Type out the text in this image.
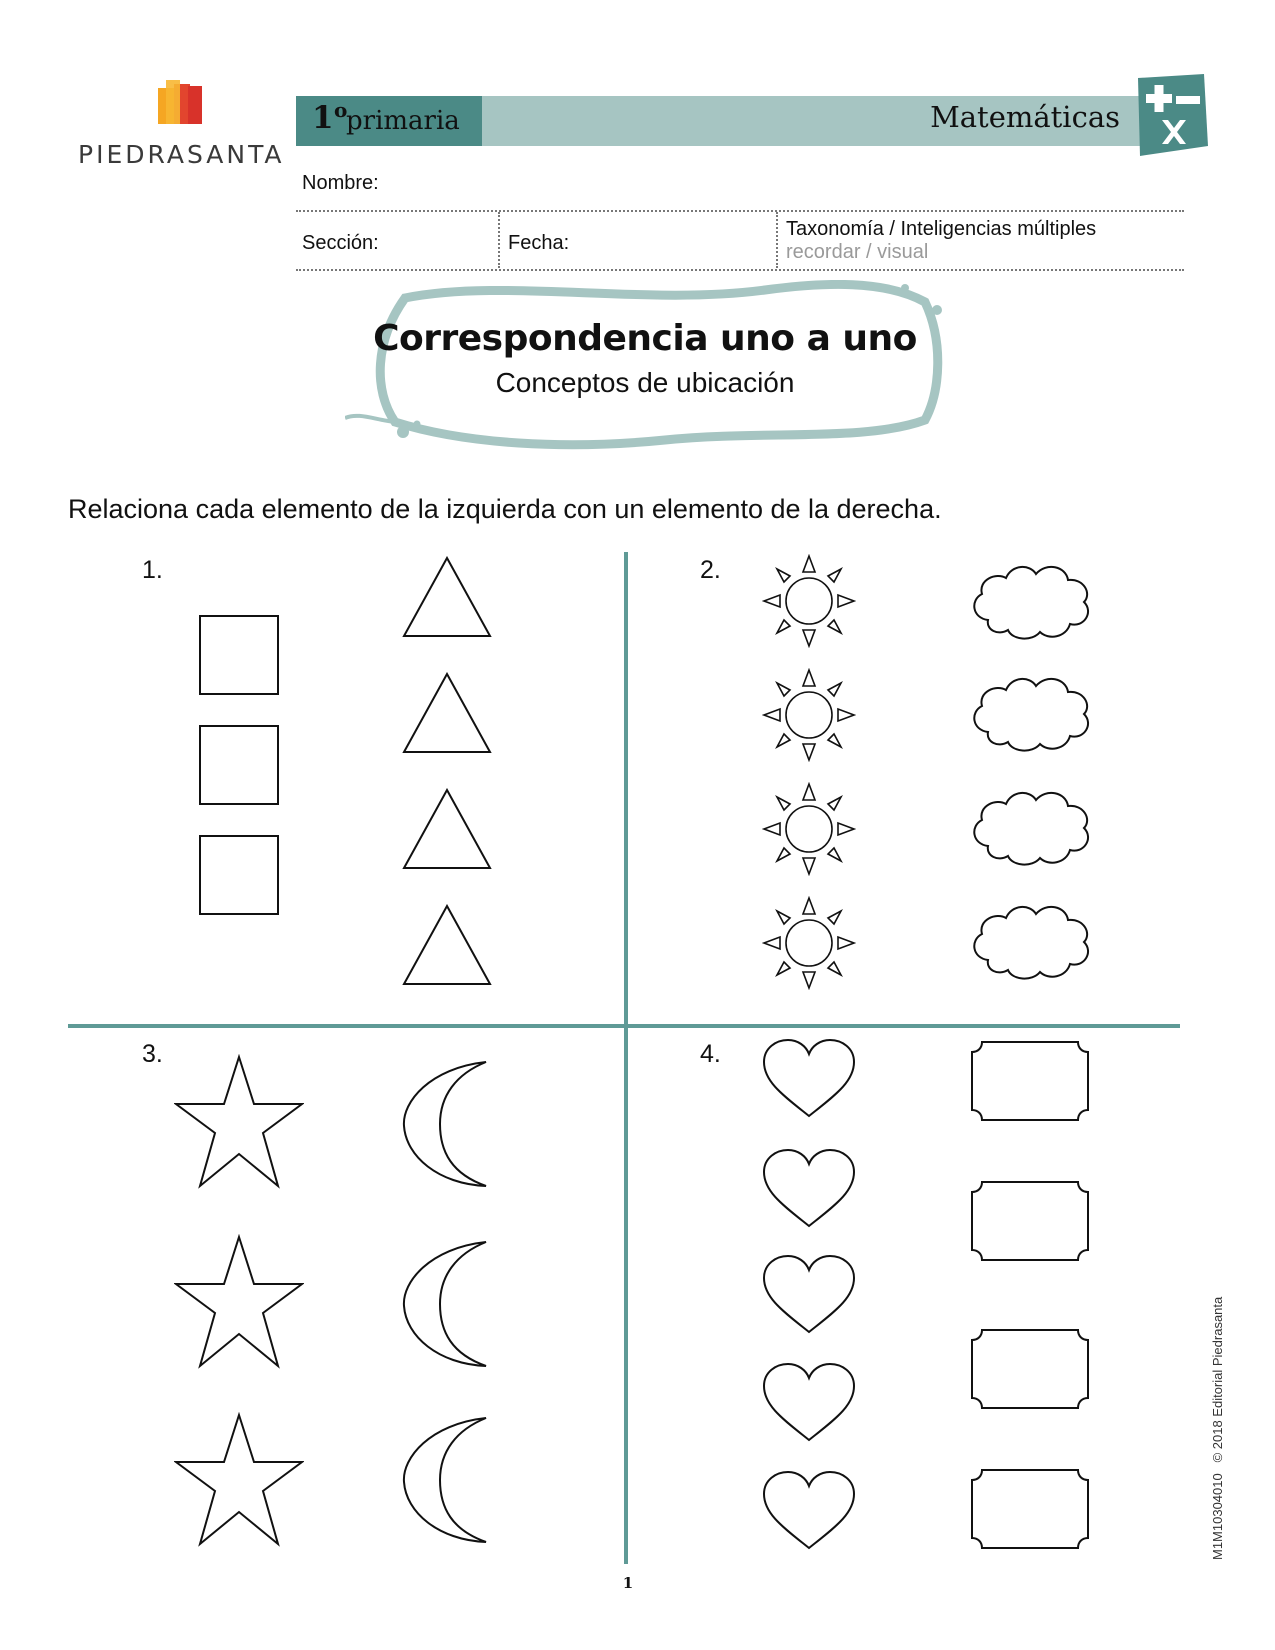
PIEDRASANTA
1 o
primaria	Matemáticas
Nombre:
Sección:	Fecha:
Taxonomía / Inteligencias múltiples
recordar / visual
Correspondencia uno a uno
Conceptos de ubicación
Relaciona cada elemento de la izquierda con un elemento de la derecha.
1.	2.
3.	4.
1
M1M10304010   © 2018 Editorial Piedrasanta
